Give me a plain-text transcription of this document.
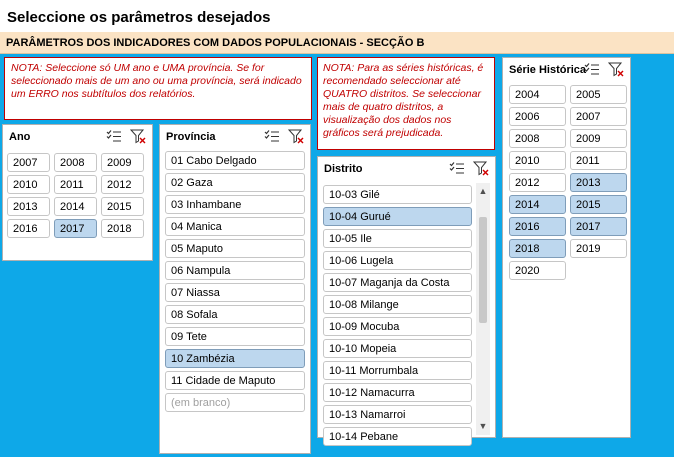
Seleccione os parâmetros desejados
PARÂMETROS DOS INDICADORES COM DADOS POPULACIONAIS - SECÇÃO B
NOTA: Seleccione só UM ano e UMA província. Se for seleccionado mais de um ano ou uma província, será indicado um ERRO nos subtítulos dos relatórios.
NOTA: Para as séries históricas, é recomendado seleccionar até QUATRO distritos. Se seleccionar mais de quatro distritos, a visualização dos dados nos gráficos será prejudicada.
Ano
2007	2008	2009
2010	2011	2012
2013	2014	2015
2016	2017	2018
Província
01 Cabo Delgado
02 Gaza
03 Inhambane
04 Manica
05 Maputo
06 Nampula
07 Niassa
08 Sofala
09 Tete
10 Zambézia
11 Cidade de Maputo
(em branco)
Distrito
▲
▼
10-03 Gilé
10-04 Gurué
10-05 Ile
10-06 Lugela
10-07 Maganja da Costa
10-08 Milange
10-09 Mocuba
10-10 Mopeia
10-11 Morrumbala
10-12 Namacurra
10-13 Namarroi
10-14 Pebane
Série Histórica
2004	2005
2006	2007
2008	2009
2010	2011
2012	2013
2014	2015
2016	2017
2018	2019
2020
